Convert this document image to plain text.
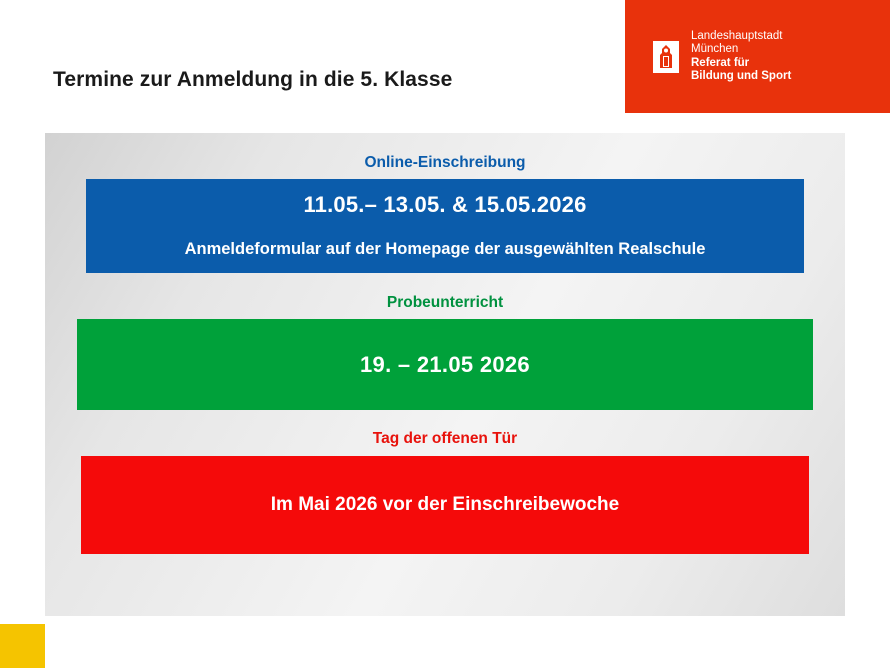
Termine zur Anmeldung in die 5. Klasse
Landeshauptstadt
München
Referat für
Bildung und Sport
Online-Einschreibung
11.05.– 13.05. & 15.05.2026
Anmeldeformular auf der Homepage der ausgewählten Realschule
Probeunterricht
19. – 21.05 2026
Tag der offenen Tür
Im Mai 2026 vor der Einschreibewoche
